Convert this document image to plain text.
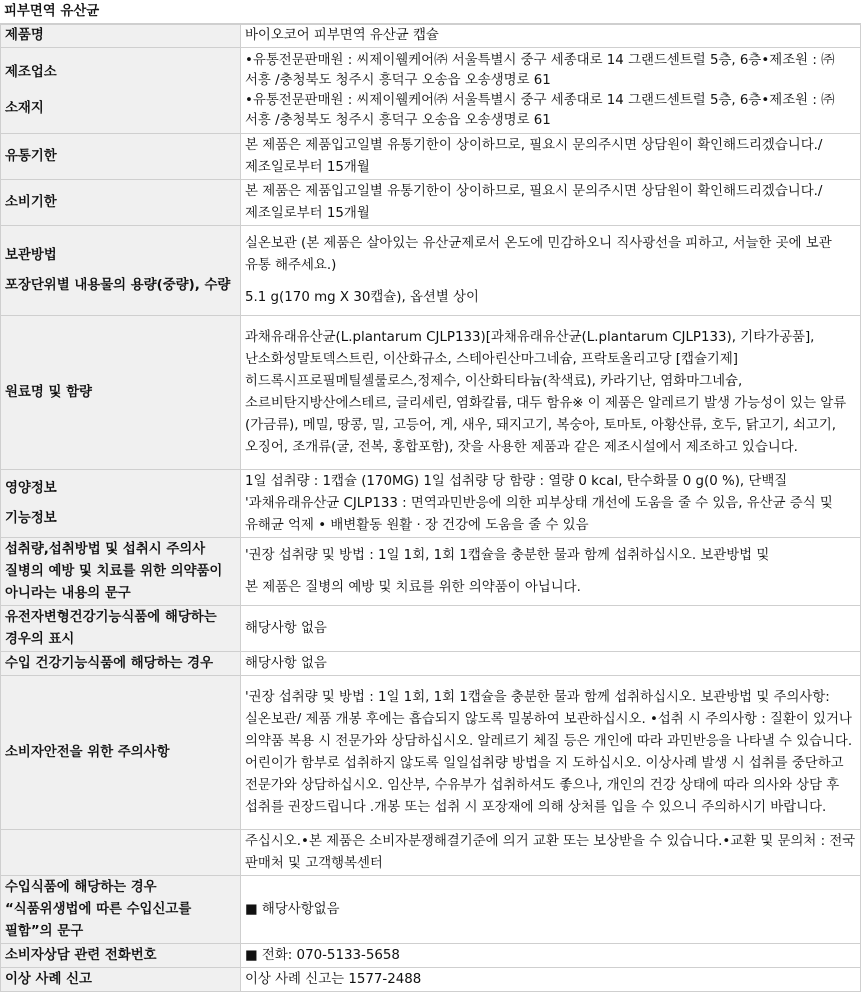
피부면역 유산균
제품명	바이오코어 피부면역 유산균 캡슐

제조업소
소재지	•유통전문판매원 : 씨제이웰케어㈜ 서울특별시 중구 세종대로 14 그랜드센트럴 5층, 6층•제조원 : ㈜서흥 /충청북도 청주시 흥덕구 오송읍 오송생명로 61
•유통전문판매원 : 씨제이웰케어㈜ 서울특별시 중구 세종대로 14 그랜드센트럴 5층, 6층•제조원 : ㈜서흥 /충청북도 청주시 흥덕구 오송읍 오송생명로 61

유통기한	본 제품은 제품입고일별 유통기한이 상이하므로, 필요시 문의주시면 상담원이 확인해드리겠습니다./제조일로부터 15개월
소비기한	본 제품은 제품입고일별 유통기한이 상이하므로, 필요시 문의주시면 상담원이 확인해드리겠습니다./제조일로부터 15개월

보관방법
포장단위별 내용물의 용량(중량), 수량	실온보관 (본 제품은 살아있는 유산균제로서 온도에 민감하오니 직사광선을 피하고, 서늘한 곳에 보관 유통 해주세요.)
5.1 g(170 mg X 30캡슐), 옵션별 상이

원료명 및 함량	과채유래유산균(L.plantarum CJLP133)[과채유래유산균(L.plantarum CJLP133), 기타가공품], 난소화성말토덱스트린, 이산화규소, 스테아린산마그네슘, 프락토올리고당 [캡슐기제]히드록시프로필메틸셀룰로스,정제수, 이산화티타늄(착색료), 카라기난, 염화마그네슘, 소르비탄지방산에스테르, 글리세린, 염화칼륨, 대두 함유※ 이 제품은 알레르기 발생 가능성이 있는 알류(가금류), 메밀, 땅콩, 밀, 고등어, 게, 새우, 돼지고기, 복숭아, 토마토, 아황산류, 호두, 닭고기, 쇠고기, 오징어, 조개류(굴, 전복, 홍합포함), 잣을 사용한 제품과 같은 제조시설에서 제조하고 있습니다.

영양정보
기능정보	1일 섭취량 : 1캡슐 (170MG) 1일 섭취량 당 함량 : 열량 0 kcal, 탄수화물 0 g(0 %), 단백질
'과채유래유산균 CJLP133 : 면역과민반응에 의한 피부상태 개선에 도움을 줄 수 있음, 유산균 증식 및 유해균 억제 • 배변활동 원활 · 장 건강에 도움을 줄 수 있음

섭취량,섭취방법 및 섭취시 주의사
질병의 예방 및 치료를 위한 의약품이 아니라는 내용의 문구	'권장 섭취량 및 방법 : 1일 1회, 1회 1캡슐을 충분한 물과 함께 섭취하십시오. 보관방법 및
본 제품은 질병의 예방 및 치료를 위한 의약품이 아닙니다.

유전자변형건강기능식품에 해당하는 경우의 표시	해당사항 없음
수입 건강기능식품에 해당하는 경우	해당사항 없음
소비자안전을 위한 주의사항	'권장 섭취량 및 방법 : 1일 1회, 1회 1캡슐을 충분한 물과 함께 섭취하십시오. 보관방법 및 주의사항: 실온보관/ 제품 개봉 후에는 흡습되지 않도록 밀봉하여 보관하십시오. •섭취 시 주의사항 : 질환이 있거나 의약품 복용 시 전문가와 상담하십시오. 알레르기 체질 등은 개인에 따라 과민반응을 나타낼 수 있습니다. 어린이가 함부로 섭취하지 않도록 일일섭취량 방법을 지 도하십시오. 이상사례 발생 시 섭취를 중단하고 전문가와 상담하십시오. 임산부, 수유부가 섭취하셔도 좋으나, 개인의 건강 상태에 따라 의사와 상담 후 섭취를 권장드립니다 .개봉 또는 섭취 시 포장재에 의해 상처를 입을 수 있으니 주의하시기 바랍니다.
	주십시오.•본 제품은 소비자분쟁해결기준에 의거 교환 또는 보상받을 수 있습니다.•교환 및 문의처 : 전국 판매처 및 고객행복센터
수입식품에 해당하는 경우 “식품위생법에 따른 수입신고를 필함”의 문구	■ 해당사항없음
소비자상담 관련 전화번호	■ 전화: 070-5133-5658
이상 사례 신고	이상 사례 신고는 1577-2488
